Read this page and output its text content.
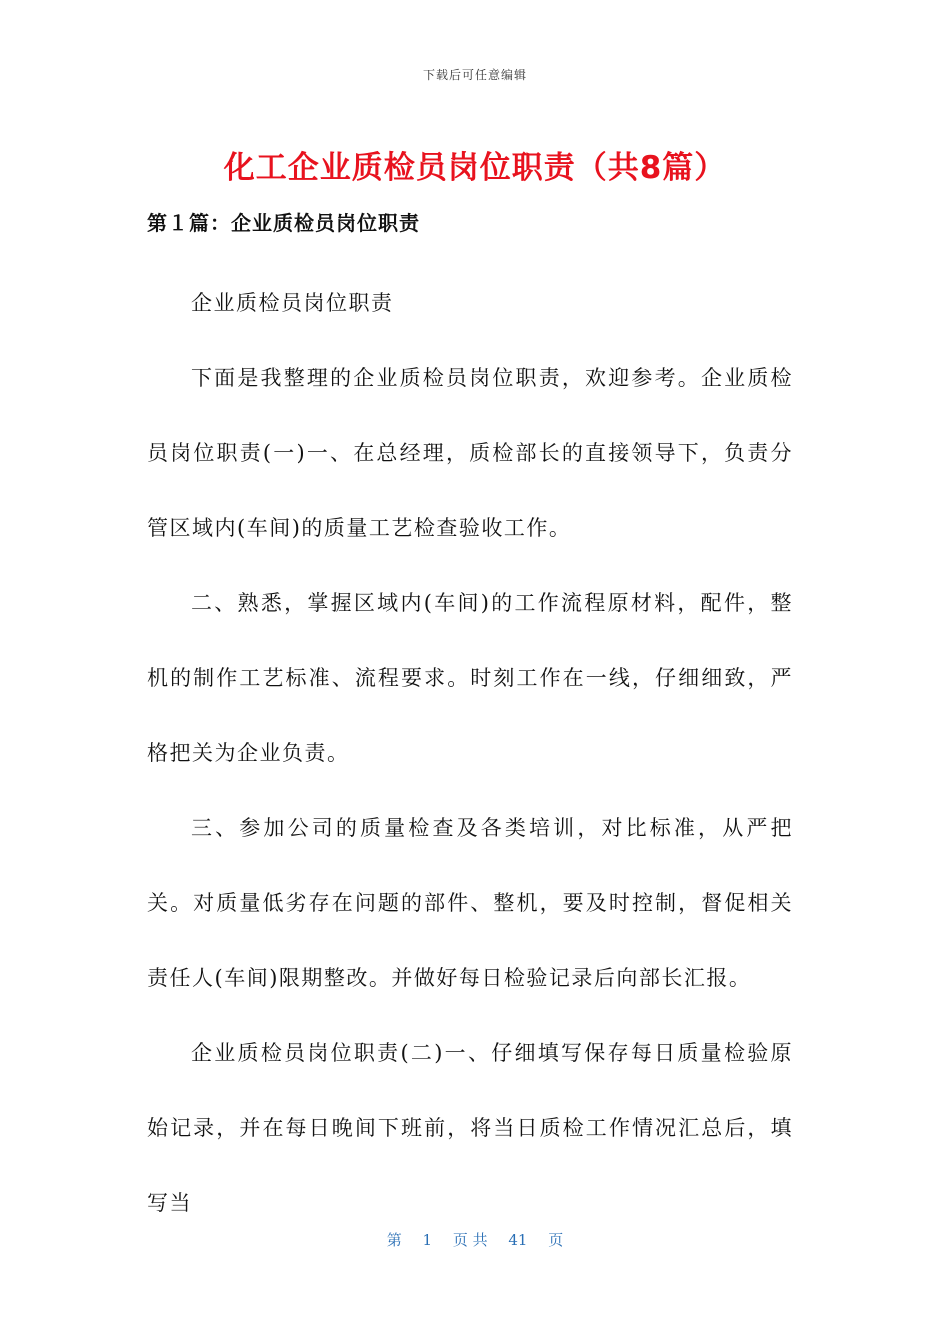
下载后可任意编辑
化工企业质检员岗位职责（共8篇）
第１篇：企业质检员岗位职责

企业质检员岗位职责

下面是我整理的企业质检员岗位职责，欢迎参考。企业质检员岗位职责(一)一、在总经理，质检部长的直接领导下，负责分管区域内(车间)的质量工艺检查验收工作。

二、熟悉，掌握区域内(车间)的工作流程原材料，配件，整机的制作工艺标准、流程要求。时刻工作在一线，仔细细致，严格把关为企业负责。

三、参加公司的质量检查及各类培训，对比标准，从严把关。对质量低劣存在问题的部件、整机，要及时控制，督促相关责任人(车间)限期整改。并做好每日检验记录后向部长汇报。

企业质检员岗位职责(二)一、仔细填写保存每日质量检验原始记录，并在每日晚间下班前，将当日质检工作情况汇总后，填写当

第 1 页 共 41 页
